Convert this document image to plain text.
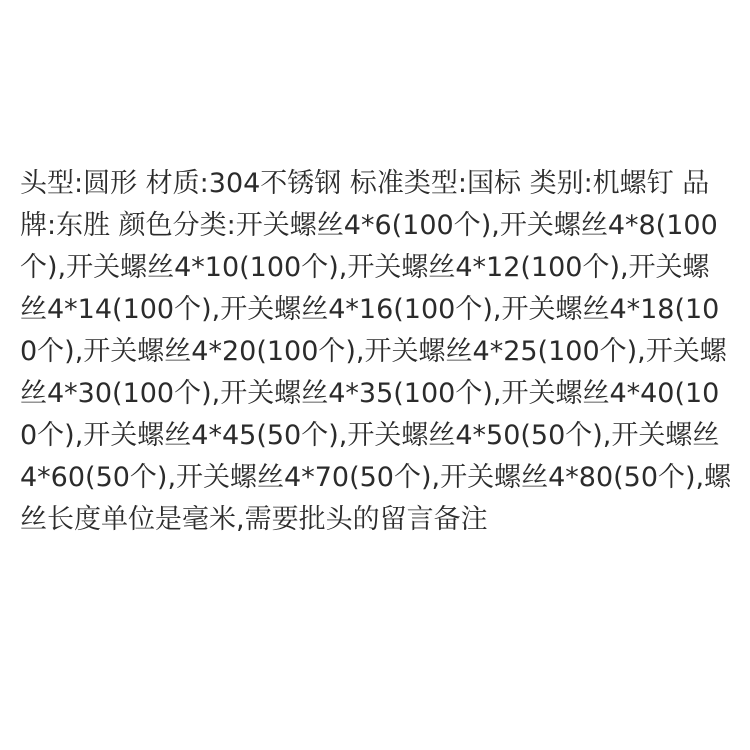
头型:圆形 材质:304不锈钢 标准类型:国标 类别:机螺钉 品牌:东胜 颜色分类:开关螺丝4*6(100个),开关螺丝4*8(100个),开关螺丝4*10(100个),开关螺丝4*12(100个),开关螺丝4*14(100个),开关螺丝4*16(100个),开关螺丝4*18(100个),开关螺丝4*20(100个),开关螺丝4*25(100个),开关螺丝4*30(100个),开关螺丝4*35(100个),开关螺丝4*40(100个),开关螺丝4*45(50个),开关螺丝4*50(50个),开关螺丝4*60(50个),开关螺丝4*70(50个),开关螺丝4*80(50个),螺丝长度单位是毫米,需要批头的留言备注
